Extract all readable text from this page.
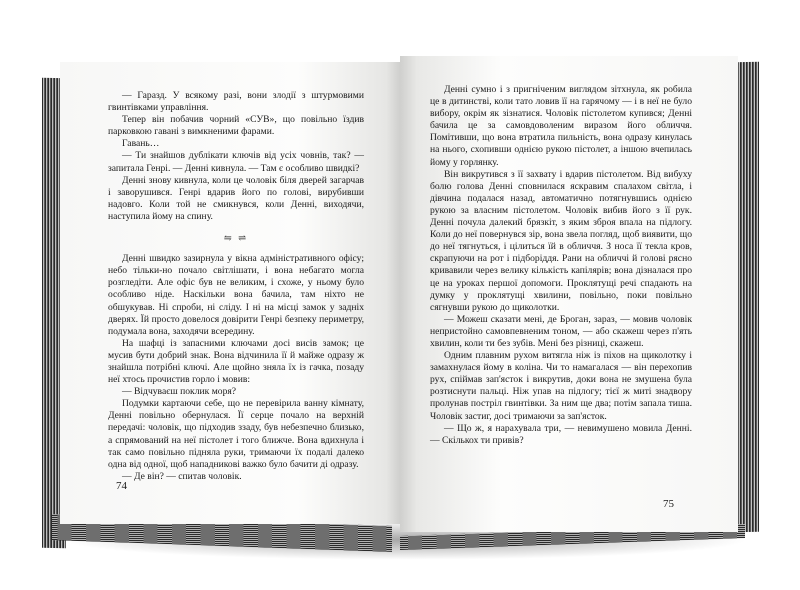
— Гаразд. У всякому разі, вони злодії з штурмовими гвинтівками управління.

Тепер він побачив чорний «СУВ», що повільно їздив парковкою гавані з вимкненими фарами.

Гавань…

— Ти знайшов дублікати ключів від усіх човнів, так? — запитала Генрі. — Денні кивнула. — Там є особливо швидкі?

Денні знову кивнула, коли це чоловік біля дверей загарчав і заворушився. Генрі вдарив його по голові, вирубивши надовго. Коли той не смикнувся, коли Денні, виходячи, наступила йому на спину.

⇋ ⇌

Денні швидко зазирнула у вікна адміністративного офісу; небо тільки-но почало світлішати, і вона небагато могла розгледіти. Але офіс був не великим, і схоже, у ньому було особливо ніде. Наскільки вона бачила, там ніхто не обшукував. Ні спроби, ні сліду. І ні на місці замок у задніх дверях. Їй просто довелося довірити Генрі безпеку периметру, подумала вона, заходячи всередину.

На шафці із запасними ключами досі висів замок; це мусив бути добрий знак. Вона відчинила її й майже одразу ж знайшла потрібні ключі. Але щойно зняла їх із гачка, позаду неї хтось прочистив горло і мовив:

— Відчуваєш поклик моря?

Подумки картаючи себе, що не перевірила ванну кімнату, Денні повільно обернулася. Її серце почало на верхній передачі: чоловік, що підходив ззаду, був небезпечно близько, а спрямований на неї пістолет і того ближче. Вона вдихнула і так само повільно підняла руки, тримаючи їх подалі далеко одна від одної, щоб нападникові важко було бачити ді одразу.

— Де він? — спитав чоловік.

74

Денні сумно і з пригніченим виглядом зітхнула, як робила це в дитинстві, коли тато ловив її на гарячому — і в неї не було вибору, окрім як зізнатися. Чоловік пістолетом купився; Денні бачила це за самовдоволеним виразом його обличчя. Помітивши, що вона втратила пильність, вона одразу кинулась на нього, схопивши однією рукою пістолет, а іншою вчепилась йому у горлянку.

Він викрутився з її захвату і вдарив пістолетом. Від вибуху болю голова Денні сповнилася яскравим спалахом світла, і дівчина подалася назад, автоматично потягнувшись однією рукою за власним пістолетом. Чоловік вибив його з її рук. Денні почула далекий брязкіт, з яким зброя впала на підлогу. Коли до неї повернувся зір, вона звела погляд, щоб виявити, що до неї тягнуться, і цілиться їй в обличчя. З носа її текла кров, скрапуючи на рот і підборіддя. Рани на обличчі й голові рясно кривавили через велику кількість капілярів; вона дізналася про це на уроках першої допомоги. Проклятущі речі спадають на думку у проклятущі хвилини, повільно, поки повільно сягнувши рукою до щиколотки.

— Можеш сказати мені, де Броган, зараз, — мовив чоловік непристойно самовпевненим тоном, — або скажеш через п'ять хвилин, коли ти без зубів. Мені без різниці, скажеш.

Одним плавним рухом витягла ніж із піхов на щиколотку і замахнулася йому в коліна. Чи то намагалася — він перехопив рух, спіймав зап'ясток і викрутив, доки вона не змушена була розтиснути пальці. Ніж упав на підлогу; тієї ж миті знадвору пролунав постріл гвинтівки. За ним ще два; потім запала тиша. Чоловік застиг, досі тримаючи за зап'ясток.

— Що ж, я нарахувала три, — невимушено мовила Денні. — Скількох ти привів?

75
